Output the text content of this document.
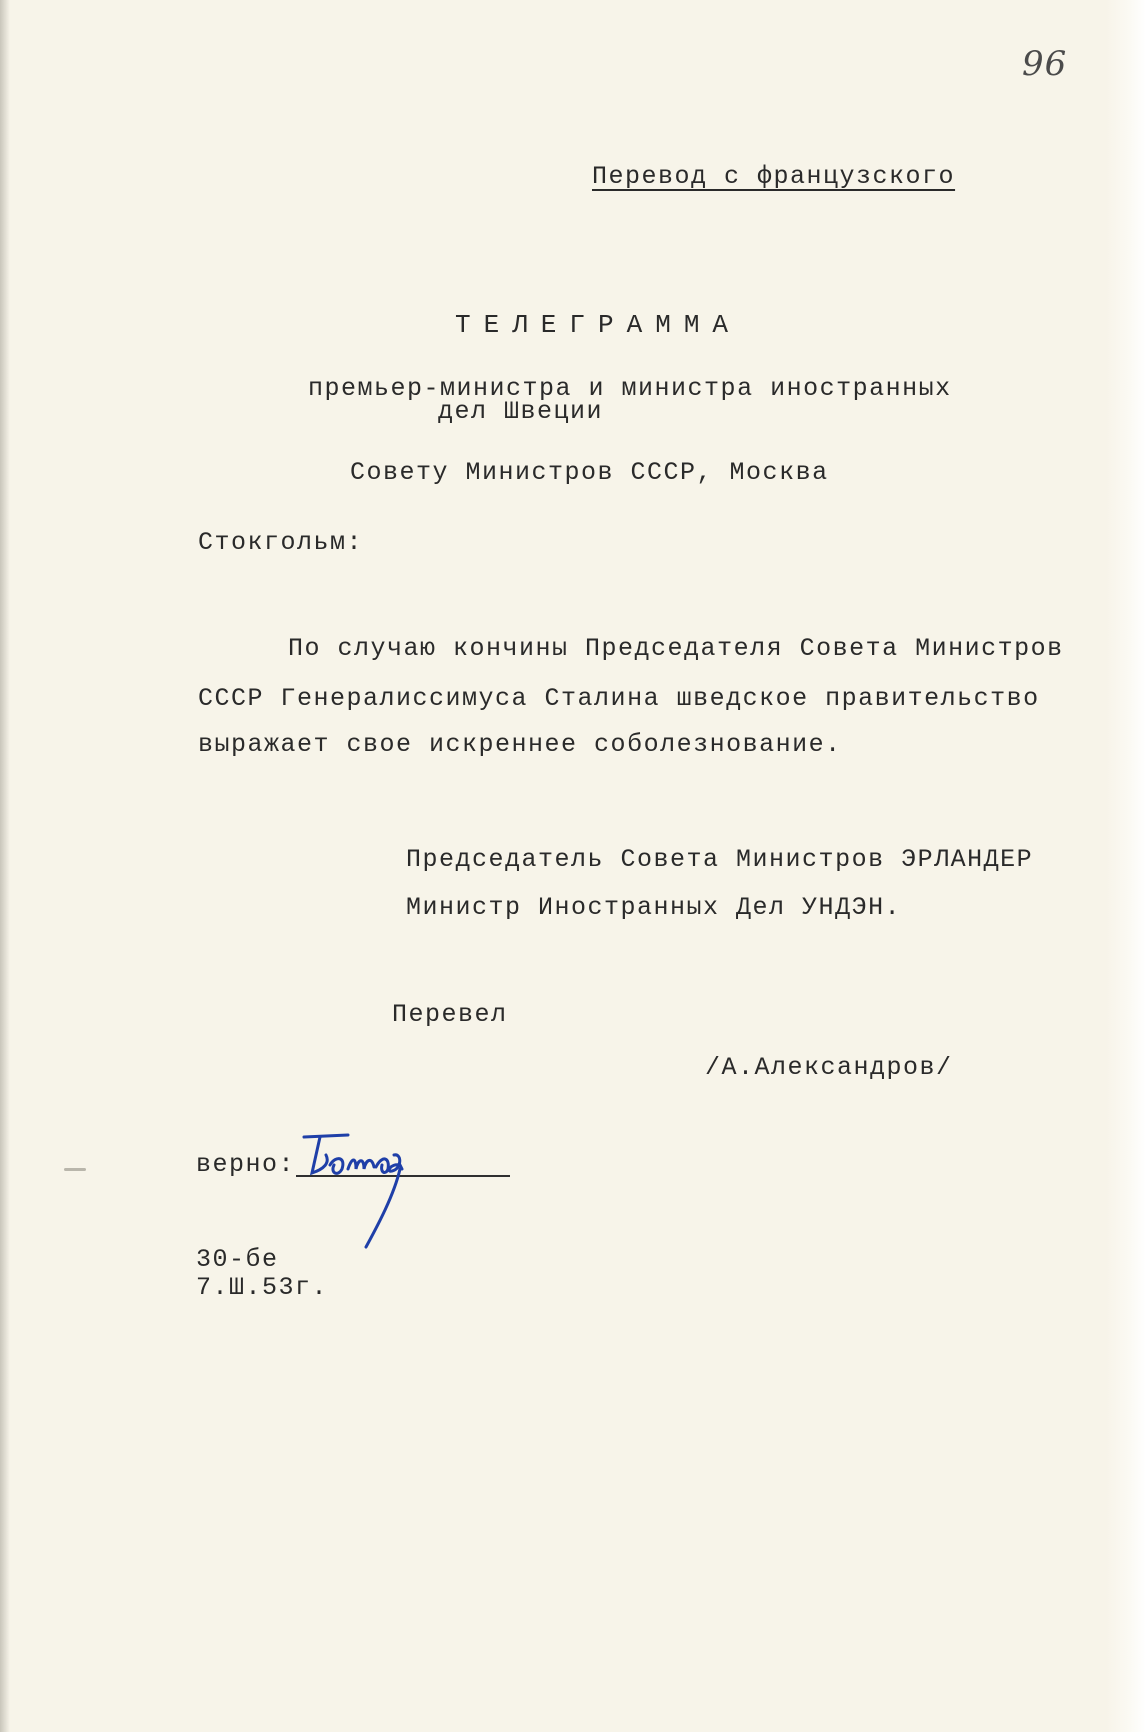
96
Перевод с французского
ТЕЛЕГРАММА
премьер-министра и министра иностранных
дел Швеции
Совету Министров СССР, Москва
Стокгольм:
По случаю кончины Председателя Совета Министров
СССР Генералиссимуса Сталина шведское правительство
выражает свое искреннее соболезнование.
Председатель Совета Министров ЭРЛАНДЕР
Министр Иностранных Дел УНДЭН.
Перевел
/А.Александров/
верно:
30-бе
7.Ш.53г.
